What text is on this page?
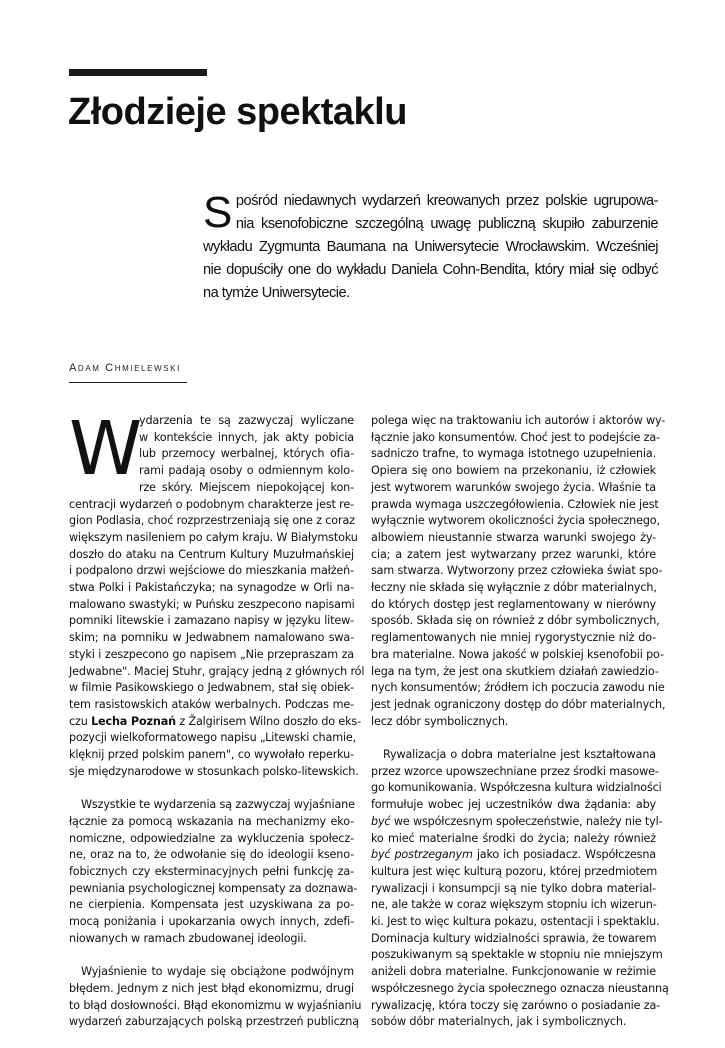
Złodzieje spektaklu
S pośród niedawnych wydarzeń kreowanych przez polskie ugrupowa-
nia ksenofobiczne szczególną uwagę publiczną skupiło zaburzenie
wykładu Zygmunta Baumana na Uniwersytecie Wrocławskim. Wcześniej
nie dopuściły one do wykładu Daniela Cohn-Bendita, który miał się odbyć
na tymże Uniwersytecie.
Adam Chmielewski

W
ydarzenia te są zazwyczaj wyliczane
w kontekście innych, jak akty pobicia
lub przemocy werbalnej, których ofia-
rami padają osoby o odmiennym kolo-
rze skóry. Miejscem niepokojącej kon-
centracji wydarzeń o podobnym charakterze jest re-
gion Podlasia, choć rozprzestrzeniają się one z coraz
większym nasileniem po całym kraju. W Białymstoku
doszło do ataku na Centrum Kultury Muzułmańskiej
i podpalono drzwi wejściowe do mieszkania małżeń-
stwa Polki i Pakistańczyka; na synagodze w Orli na-
malowano swastyki; w Puńsku zeszpecono napisami
pomniki litewskie i zamazano napisy w języku litew-
skim; na pomniku w Jedwabnem namalowano swa-
styki i zeszpecono go napisem „Nie przepraszam za
Jedwabne". Maciej Stuhr, grający jedną z głównych ról
w filmie Pasikowskiego o Jedwabnem, stał się obiek-
tem rasistowskich ataków werbalnych. Podczas me-
czu Lecha Poznań z Žalgirisem Wilno doszło do eks-
pozycji wielkoformatowego napisu „Litewski chamie,
klęknij przed polskim panem", co wywołało reperku-
sje międzynarodowe w stosunkach polsko-litewskich.

Wszystkie te wydarzenia są zazwyczaj wyjaśniane
łącznie za pomocą wskazania na mechanizmy eko-
nomiczne, odpowiedzialne za wykluczenia społecz-
ne, oraz na to, że odwołanie się do ideologii kseno-
fobicznych czy eksterminacyjnych pełni funkcję za-
pewniania psychologicznej kompensaty za doznawa-
ne cierpienia. Kompensata jest uzyskiwana za po-
mocą poniżania i upokarzania owych innych, zdefi-
niowanych w ramach zbudowanej ideologii.

Wyjaśnienie to wydaje się obciążone podwójnym
błędem. Jednym z nich jest błąd ekonomizmu, drugi
to błąd dosłowności. Błąd ekonomizmu w wyjaśnianiu
wydarzeń zaburzających polską przestrzeń publiczną

polega więc na traktowaniu ich autorów i aktorów wy-
łącznie jako konsumentów. Choć jest to podejście za-
sadniczo trafne, to wymaga istotnego uzupełnienia.
Opiera się ono bowiem na przekonaniu, iż człowiek
jest wytworem warunków swojego życia. Właśnie ta
prawda wymaga uszczegółowienia. Człowiek nie jest
wyłącznie wytworem okoliczności życia społecznego,
albowiem nieustannie stwarza warunki swojego ży-
cia; a zatem jest wytwarzany przez warunki, które
sam stwarza. Wytworzony przez człowieka świat spo-
łeczny nie składa się wyłącznie z dóbr materialnych,
do których dostęp jest reglamentowany w nierówny
sposób. Składa się on również z dóbr symbolicznych,
reglamentowanych nie mniej rygorystycznie niż do-
bra materialne. Nowa jakość w polskiej ksenofobii po-
lega na tym, że jest ona skutkiem działań zawiedzio-
nych konsumentów; źródłem ich poczucia zawodu nie
jest jednak ograniczony dostęp do dóbr materialnych,
lecz dóbr symbolicznych.

Rywalizacja o dobra materialne jest kształtowana
przez wzorce upowszechniane przez środki masowe-
go komunikowania. Współczesna kultura widzialności
formułuje wobec jej uczestników dwa żądania: aby
być we współczesnym społeczeństwie, należy nie tyl-
ko mieć materialne środki do życia; należy również
być postrzeganym jako ich posiadacz. Współczesna
kultura jest więc kulturą pozoru, której przedmiotem
rywalizacji i konsumpcji są nie tylko dobra material-
ne, ale także w coraz większym stopniu ich wizerun-
ki. Jest to więc kultura pokazu, ostentacji i spektaklu.
Dominacja kultury widzialności sprawia, że towarem
poszukiwanym są spektakle w stopniu nie mniejszym
aniżeli dobra materialne. Funkcjonowanie w reżimie
współczesnego życia społecznego oznacza nieustanną
rywalizację, która toczy się zarówno o posiadanie za-
sobów dóbr materialnych, jak i symbolicznych.
